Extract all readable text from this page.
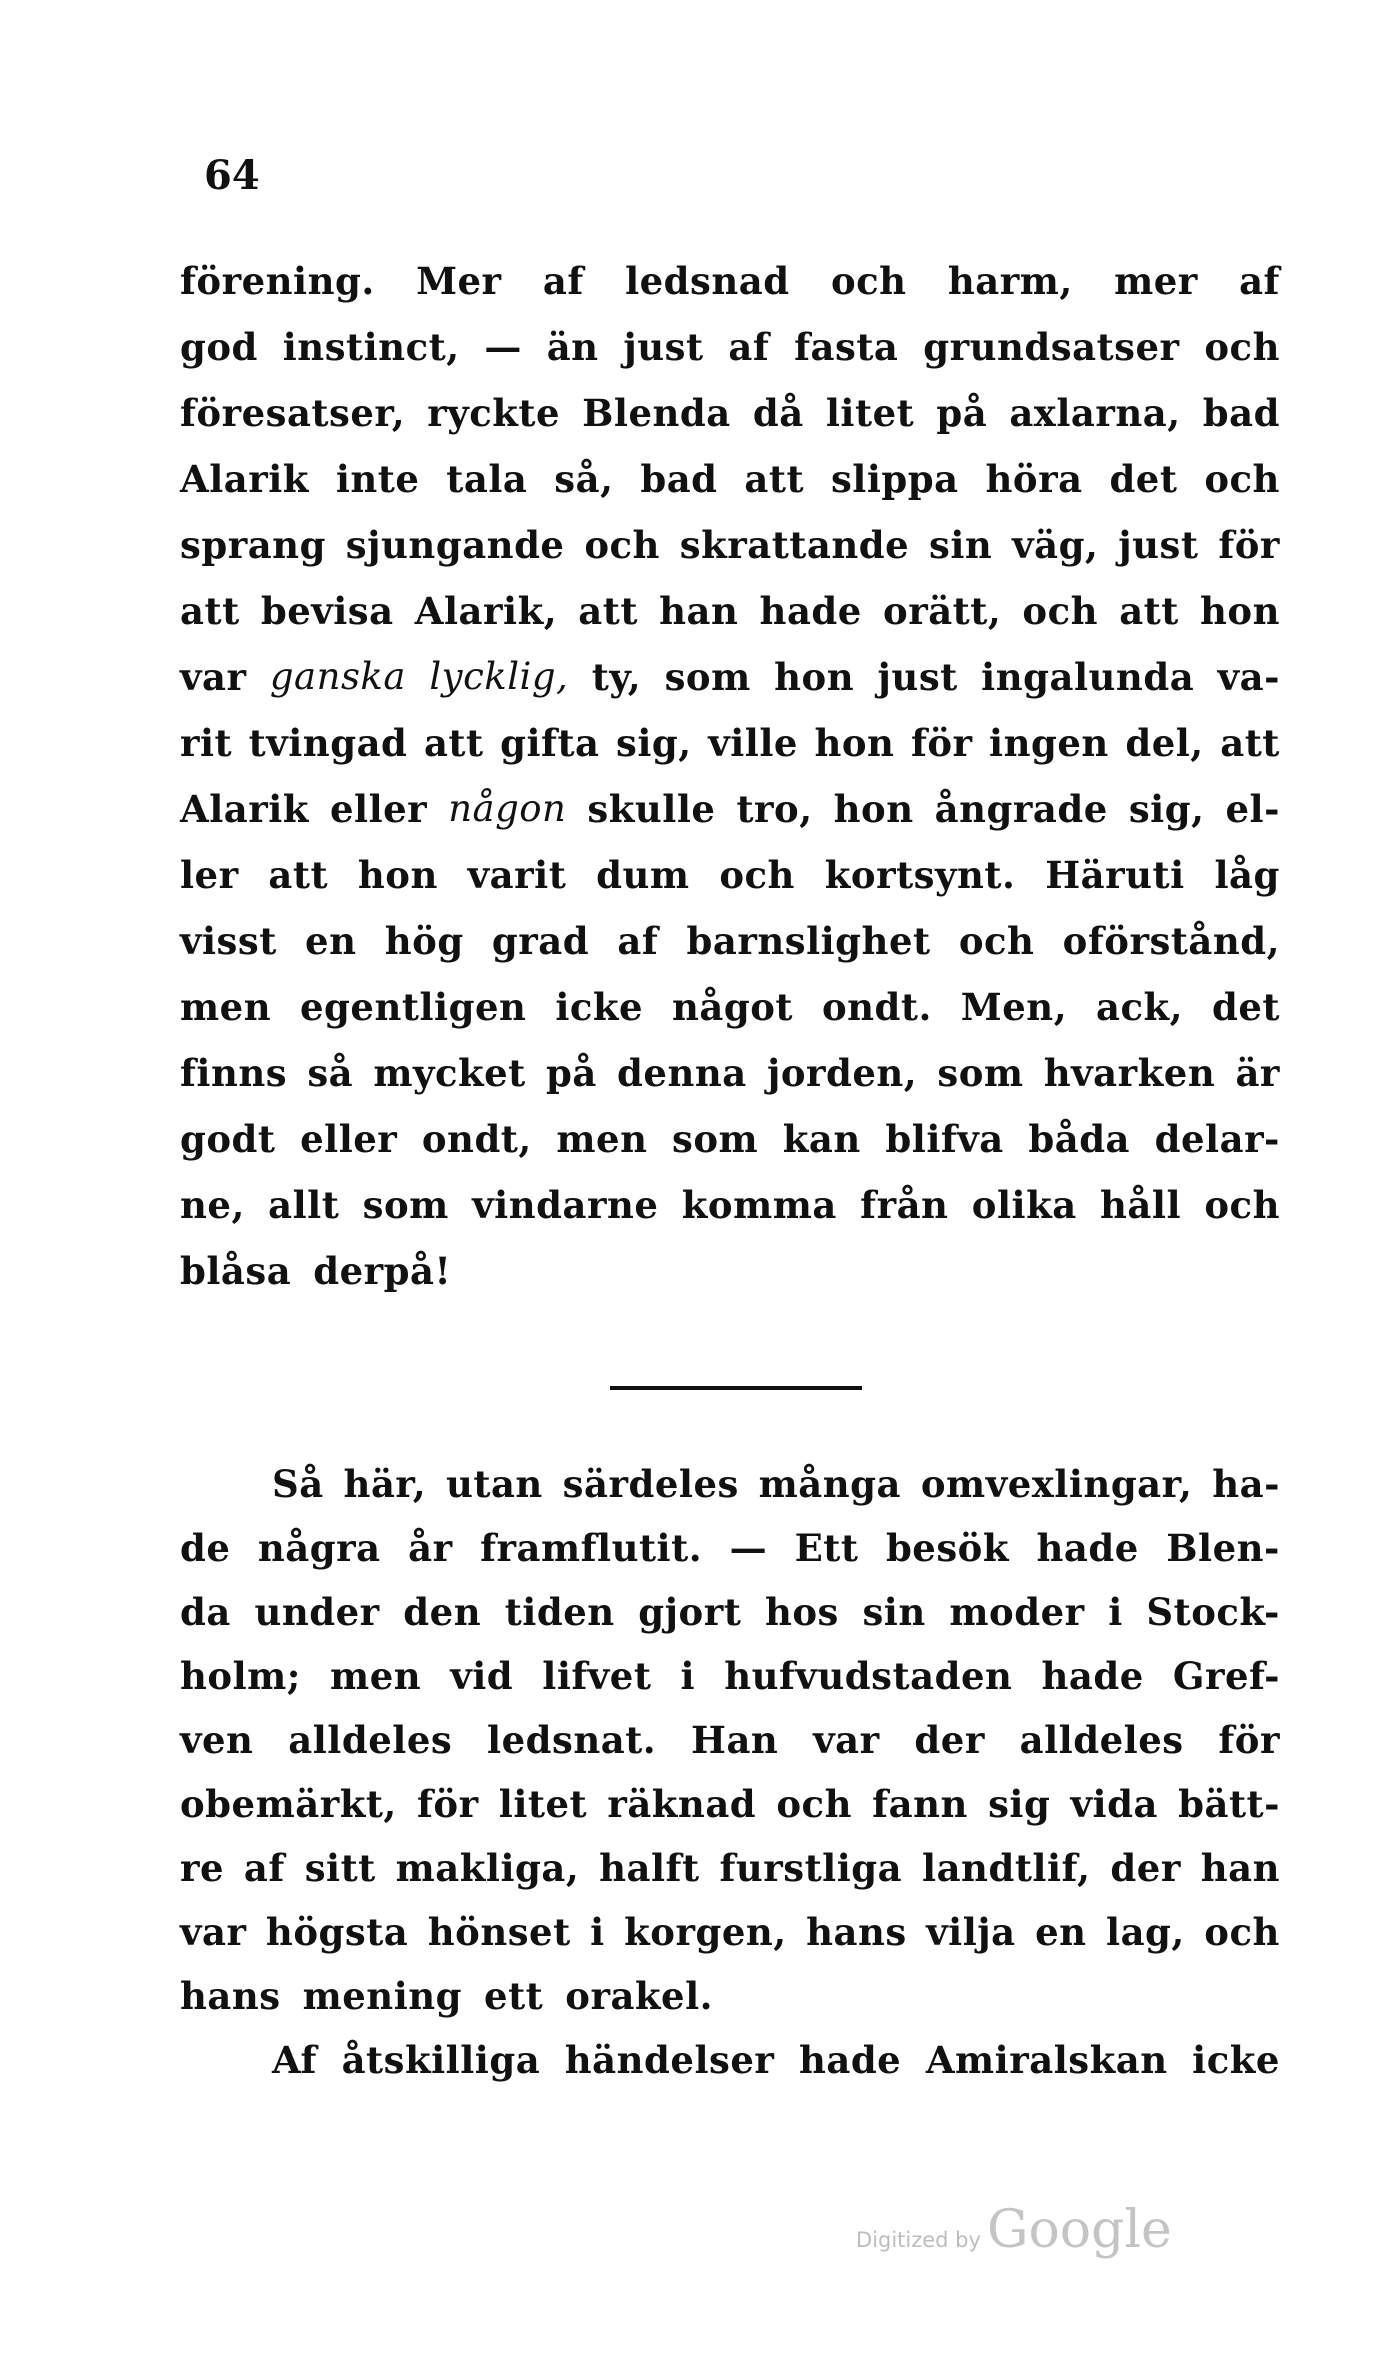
64
förening. Mer af ledsnad och harm, mer af
god instinct, — än just af fasta grundsatser och
föresatser, ryckte Blenda då litet på axlarna, bad
Alarik inte tala så, bad att slippa höra det och
sprang sjungande och skrattande sin väg, just för
att bevisa Alarik, att han hade orätt, och att hon
var ganska lycklig, ty, som hon just ingalunda va-
rit tvingad att gifta sig, ville hon för ingen del, att
Alarik eller någon skulle tro, hon ångrade sig, el-
ler att hon varit dum och kortsynt. Häruti låg
visst en hög grad af barnslighet och oförstånd,
men egentligen icke något ondt. Men, ack, det
finns så mycket på denna jorden, som hvarken är
godt eller ondt, men som kan blifva båda delar-
ne, allt som vindarne komma från olika håll och
blåsa derpå!
Så här, utan särdeles många omvexlingar, ha-
de några år framflutit. — Ett besök hade Blen-
da under den tiden gjort hos sin moder i Stock-
holm; men vid lifvet i hufvudstaden hade Gref-
ven alldeles ledsnat. Han var der alldeles för
obemärkt, för litet räknad och fann sig vida bätt-
re af sitt makliga, halft furstliga landtlif, der han
var högsta hönset i korgen, hans vilja en lag, och
hans mening ett orakel.
Af åtskilliga händelser hade Amiralskan icke
Digitized by Google
